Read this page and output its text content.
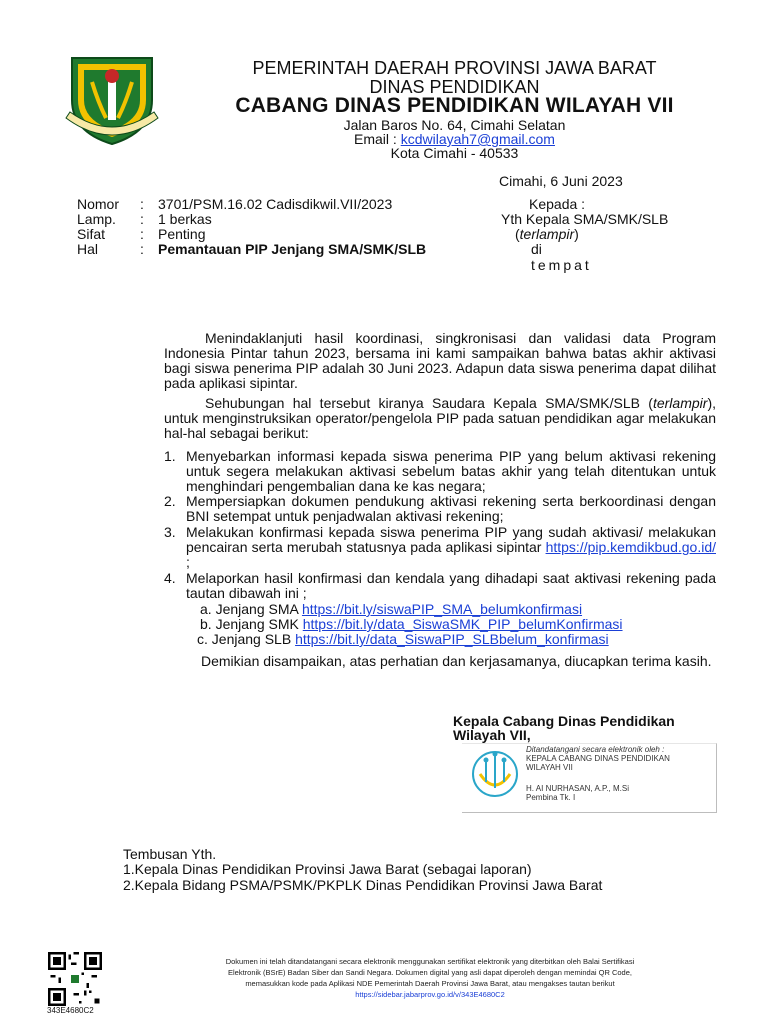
PEMERINTAH DAERAH PROVINSI JAWA BARAT
DINAS PENDIDIKAN
CABANG DINAS PENDIDIKAN WILAYAH VII
Jalan Baros No. 64, Cimahi Selatan
Email : kcdwilayah7@gmail.com
Kota Cimahi - 40533
Cimahi, 6 Juni 2023
Kepada :
Yth Kepala SMA/SMK/SLB
(terlampir)
di
tempat
Nomor : 3701/PSM.16.02 Cadisdikwil.VII/2023
Lamp. : 1 berkas
Sifat : Penting
Hal	: Pemantauan PIP Jenjang SMA/SMK/SLB
Menindaklanjuti hasil koordinasi, singkronisasi dan validasi data Program Indonesia Pintar tahun 2023, bersama ini kami sampaikan bahwa batas akhir aktivasi bagi siswa penerima PIP adalah 30 Juni 2023. Adapun data siswa penerima dapat dilihat pada aplikasi sipintar.
Sehubungan hal tersebut kiranya Saudara Kepala SMA/SMK/SLB (terlampir), untuk menginstruksikan operator/pengelola PIP pada satuan pendidikan agar melakukan hal-hal sebagai berikut:
1. Menyebarkan informasi kepada siswa penerima PIP yang belum aktivasi rekening untuk segera melakukan aktivasi sebelum batas akhir yang telah ditentukan untuk menghindari pengembalian dana ke kas negara;
2. Mempersiapkan dokumen pendukung aktivasi rekening serta berkoordinasi dengan BNI setempat untuk penjadwalan aktivasi rekening;
3. Melakukan konfirmasi kepada siswa penerima PIP yang sudah aktivasi/ melakukan pencairan serta merubah statusnya pada aplikasi sipintar https://pip.kemdikbud.go.id/ ;
4. Melaporkan hasil konfirmasi dan kendala yang dihadapi saat aktivasi rekening pada tautan dibawah ini ;
a. Jenjang SMA https://bit.ly/siswaPIP_SMA_belumkonfirmasi
b. Jenjang SMK https://bit.ly/data_SiswaSMK_PIP_belumKonfirmasi
c. Jenjang SLB https://bit.ly/data_SiswaPIP_SLBbelum_konfirmasi
Demikian disampaikan, atas perhatian dan kerjasamanya, diucapkan terima kasih.
Kepala Cabang Dinas Pendidikan
Wilayah VII,
Ditandatangani secara elektronik oleh :
KEPALA CABANG DINAS PENDIDIKAN
WILAYAH VII
H. AI NURHASAN, A.P., M.Si
Pembina Tk. I
Tembusan Yth.
1.Kepala Dinas Pendidikan Provinsi Jawa Barat (sebagai laporan)
2.Kepala Bidang PSMA/PSMK/PKPLK Dinas Pendidikan Provinsi Jawa Barat
343E4680C2
Dokumen ini telah ditandatangani secara elektronik menggunakan sertifikat elektronik yang diterbitkan oleh Balai Sertifikasi
Elektronik (BSrE) Badan Siber dan Sandi Negara. Dokumen digital yang asli dapat diperoleh dengan memindai QR Code,
memasukkan kode pada Aplikasi NDE Pemerintah Daerah Provinsi Jawa Barat, atau mengakses tautan berikut
https://sidebar.jabarprov.go.id/v/343E4680C2
